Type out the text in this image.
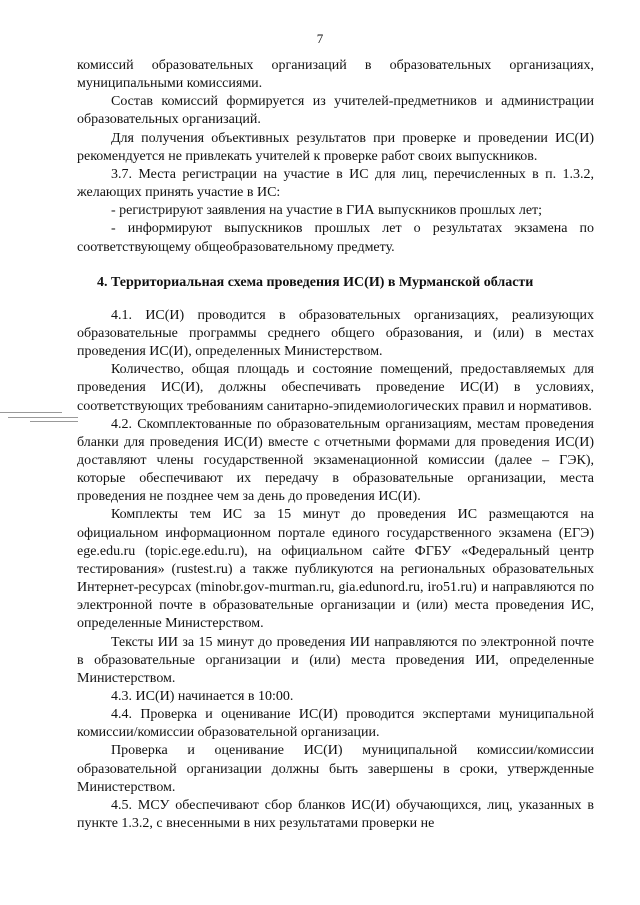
7

комиссий образовательных организаций в образовательных организациях, муниципальными комиссиями.

Состав комиссий формируется из учителей-предметников и администрации образовательных организаций.

Для получения объективных результатов при проверке и проведении ИС(И) рекомендуется не привлекать учителей к проверке работ своих выпускников.

3.7. Места регистрации на участие в ИС для лиц, перечисленных в п. 1.3.2, желающих принять участие в ИС:

- регистрируют заявления на участие в ГИА выпускников прошлых лет;

- информируют выпускников прошлых лет о результатах экзамена по соответствующему общеобразовательному предмету.

4. Территориальная схема проведения ИС(И) в Мурманской области

4.1. ИС(И) проводится в образовательных организациях, реализующих образовательные программы среднего общего образования, и (или) в местах проведения ИС(И), определенных Министерством.

Количество, общая площадь и состояние помещений, предоставляемых для проведения ИС(И), должны обеспечивать проведение ИС(И) в условиях, соответствующих требованиям санитарно-эпидемиологических правил и нормативов.

4.2. Скомплектованные по образовательным организациям, местам проведения бланки для проведения ИС(И) вместе с отчетными формами для проведения ИС(И) доставляют члены государственной экзаменационной комиссии (далее – ГЭК), которые обеспечивают их передачу в образовательные организации, места проведения не позднее чем за день до проведения ИС(И).

Комплекты тем ИС за 15 минут до проведения ИС размещаются на официальном информационном портале единого государственного экзамена (ЕГЭ) ege.edu.ru (topic.ege.edu.ru), на официальном сайте ФГБУ «Федеральный центр тестирования» (rustest.ru) а также публикуются на региональных образовательных Интернет-ресурсах (minobr.gov-murman.ru, gia.edunord.ru, iro51.ru) и направляются по электронной почте в образовательные организации и (или) места проведения ИС, определенные Министерством.

Тексты ИИ за 15 минут до проведения ИИ направляются по электронной почте в образовательные организации и (или) места проведения ИИ, определенные Министерством.

4.3. ИС(И) начинается в 10:00.

4.4. Проверка и оценивание ИС(И) проводится экспертами муниципальной комиссии/комиссии образовательной организации.

Проверка и оценивание ИС(И) муниципальной комиссии/комиссии образовательной организации должны быть завершены в сроки, утвержденные Министерством.

4.5. МСУ обеспечивают сбор бланков ИС(И) обучающихся, лиц, указанных в пункте 1.3.2, с внесенными в них результатами проверки не
